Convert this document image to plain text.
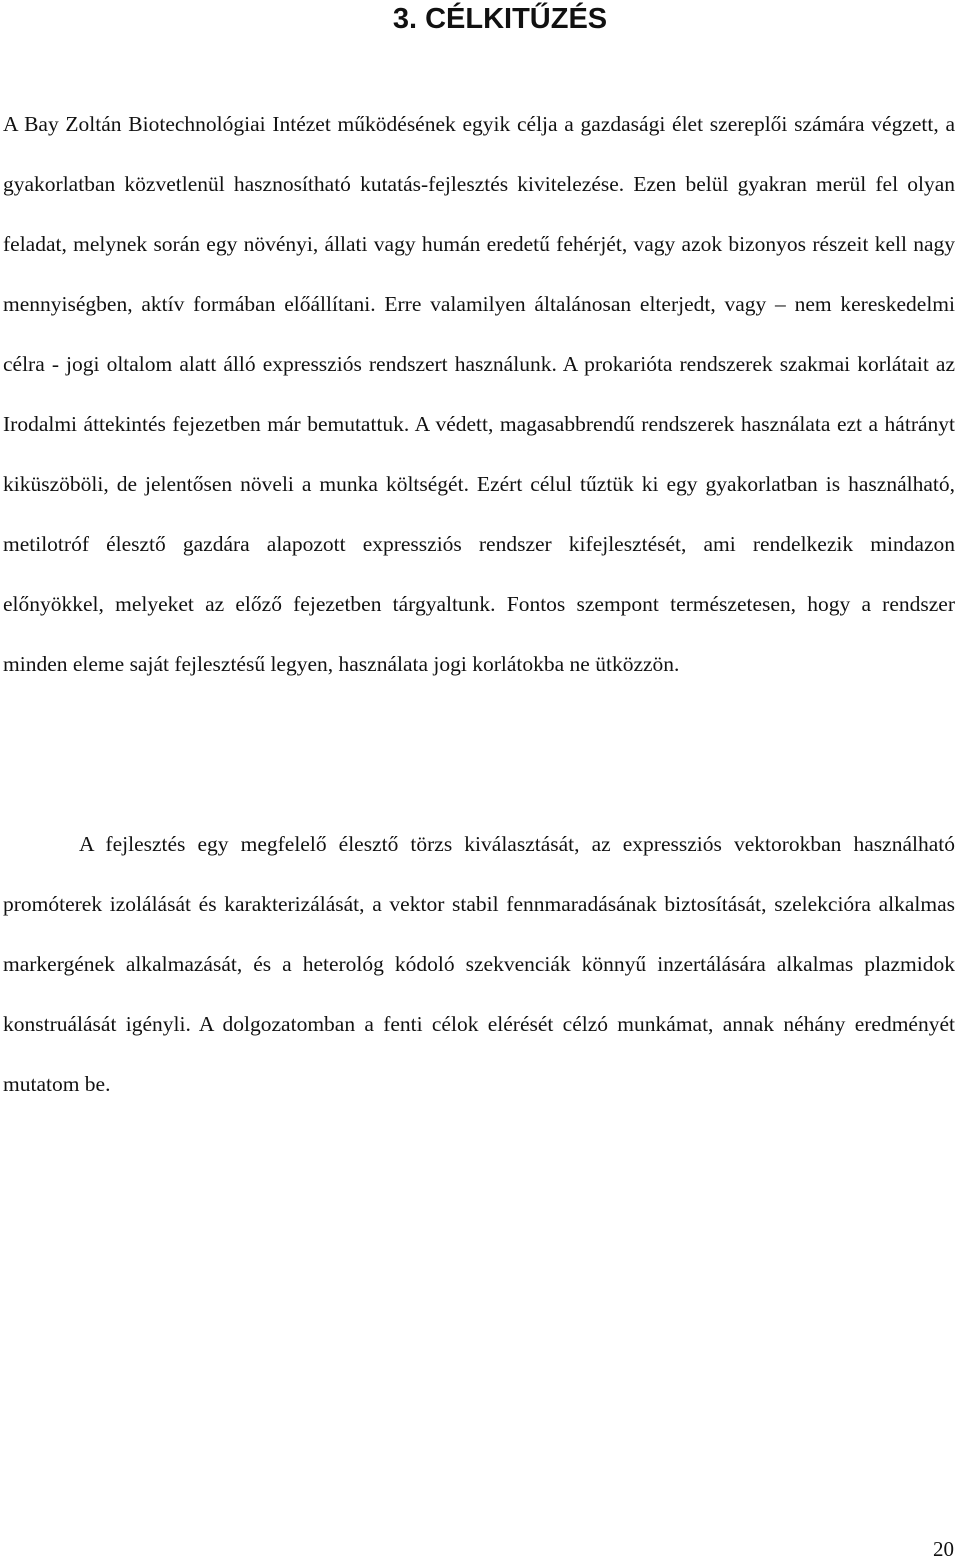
3. CÉLKITŰZÉS

A Bay Zoltán Biotechnológiai Intézet működésének egyik célja a gazdasági élet szereplői számára végzett, a gyakorlatban közvetlenül hasznosítható kutatás-fejlesztés kivitelezése. Ezen belül gyakran merül fel olyan feladat, melynek során egy növényi, állati vagy humán eredetű fehérjét, vagy azok bizonyos részeit kell nagy mennyiségben, aktív formában előállítani. Erre valamilyen általánosan elterjedt, vagy – nem kereskedelmi célra - jogi oltalom alatt álló expressziós rendszert használunk. A prokarióta rendszerek szakmai korlátait az Irodalmi áttekintés fejezetben már bemutattuk. A védett, magasabbrendű rendszerek használata ezt a hátrányt kiküszöböli, de jelentősen növeli a munka költségét. Ezért célul tűztük ki egy gyakorlatban is használható, metilotróf élesztő gazdára alapozott expressziós rendszer kifejlesztését, ami rendelkezik mindazon előnyökkel, melyeket az előző fejezetben tárgyaltunk. Fontos szempont természetesen, hogy a rendszer minden eleme saját fejlesztésű legyen, használata jogi korlátokba ne ütközzön.

A fejlesztés egy megfelelő élesztő törzs kiválasztását, az expressziós vektorokban használható promóterek izolálását és karakterizálását, a vektor stabil fennmaradásának biztosítását, szelekcióra alkalmas markergének alkalmazását, és a heterológ kódoló szekvenciák könnyű inzertálására alkalmas plazmidok konstruálását igényli. A dolgozatomban a fenti célok elérését célzó munkámat, annak néhány eredményét mutatom be.

20
